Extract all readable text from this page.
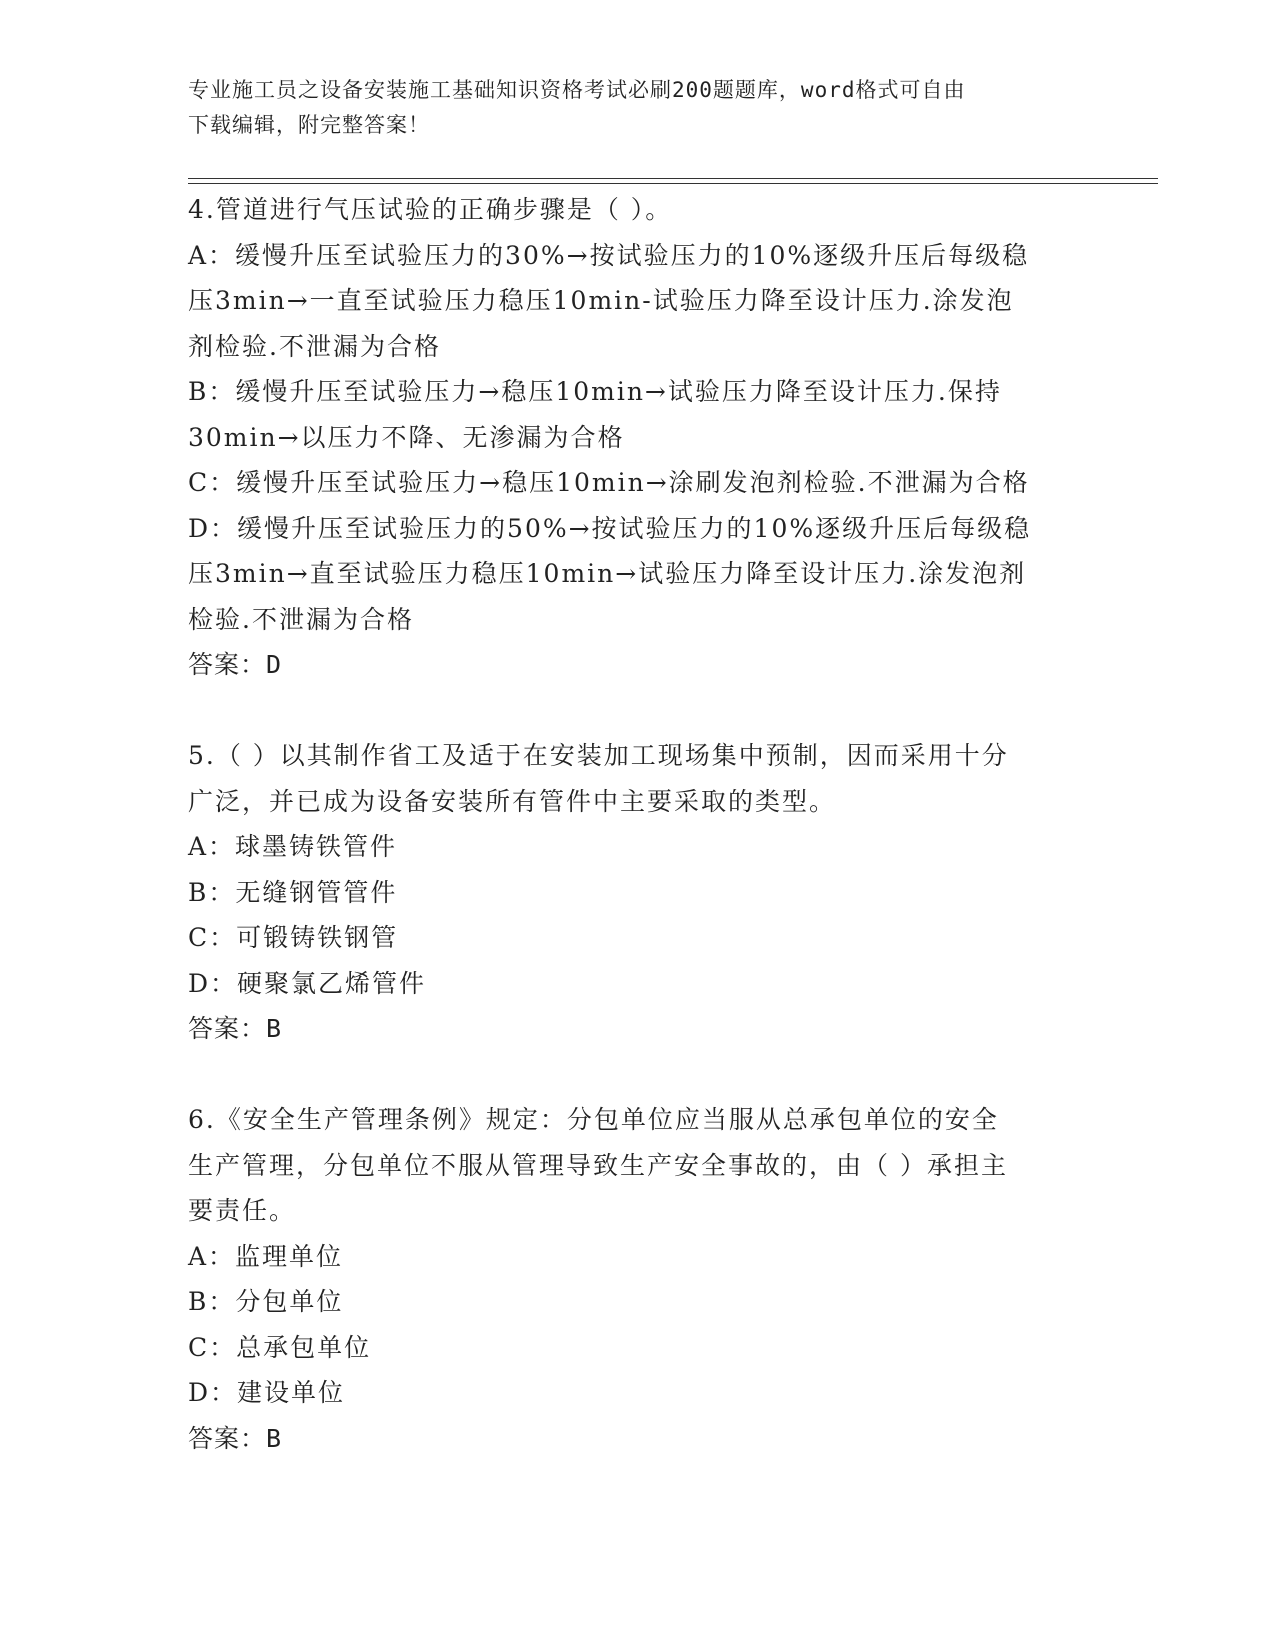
专业施工员之设备安装施工基础知识资格考试必刷200题题库，word格式可自由
下载编辑，附完整答案！
4.管道进行气压试验的正确步骤是（ ）。
A：缓慢升压至试验压力的30%→按试验压力的10%逐级升压后每级稳
压3min→一直至试验压力稳压10min-试验压力降至设计压力.涂发泡
剂检验.不泄漏为合格
B：缓慢升压至试验压力→稳压10min→试验压力降至设计压力.保持
30min→以压力不降、无渗漏为合格
C：缓慢升压至试验压力→稳压10min→涂刷发泡剂检验.不泄漏为合格
D：缓慢升压至试验压力的50%→按试验压力的10%逐级升压后每级稳
压3min→直至试验压力稳压10min→试验压力降至设计压力.涂发泡剂
检验.不泄漏为合格
答案：D
5.（ ）以其制作省工及适于在安装加工现场集中预制，因而采用十分
广泛，并已成为设备安装所有管件中主要采取的类型。
A：球墨铸铁管件
B：无缝钢管管件
C：可锻铸铁钢管
D：硬聚氯乙烯管件
答案：B
6.《安全生产管理条例》规定：分包单位应当服从总承包单位的安全
生产管理，分包单位不服从管理导致生产安全事故的，由（ ）承担主
要责任。
A：监理单位
B：分包单位
C：总承包单位
D：建设单位
答案：B
